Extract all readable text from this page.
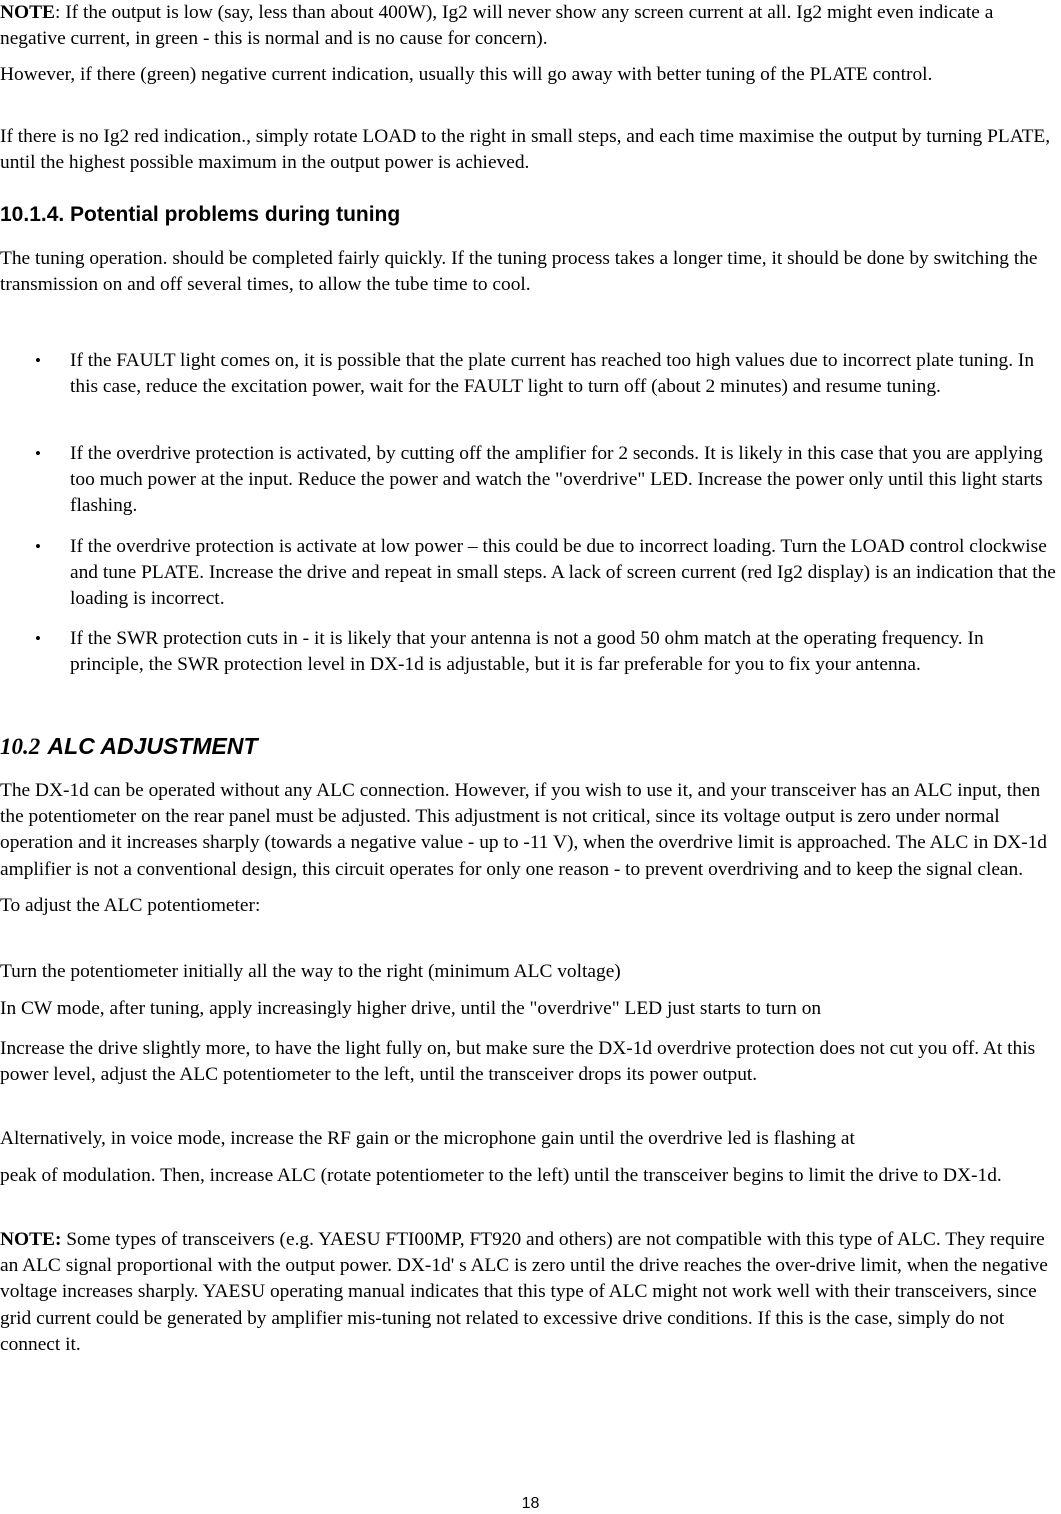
NOTE: If the output is low (say, less than about 400W), Ig2 will never show any screen current at all. Ig2 might even indicate a negative current, in green - this is normal and is no cause for concern).

However, if there (green) negative current indication, usually this will go away with better tuning of the PLATE control.

If there is no Ig2 red indication., simply rotate LOAD to the right in small steps, and each time maximise the output by turning PLATE, until the highest possible maximum in the output power is achieved.

10.1.4. Potential problems during tuning

The tuning operation. should be completed fairly quickly. If the tuning process takes a longer time, it should be done by switching the transmission on and off several times, to allow the tube time to cool.

• If the FAULT light comes on, it is possible that the plate current has reached too high values due to incorrect plate tuning. In this case, reduce the excitation power, wait for the FAULT light to turn off (about 2 minutes) and resume tuning.

• If the overdrive protection is activated, by cutting off the amplifier for 2 seconds. It is likely in this case that you are applying too much power at the input. Reduce the power and watch the "overdrive" LED. Increase the power only until this light starts flashing.

• If the overdrive protection is activate at low power – this could be due to incorrect loading. Turn the LOAD control clockwise and tune PLATE. Increase the drive and repeat in small steps. A lack of screen current (red Ig2 display) is an indication that the loading is incorrect.

• If the SWR protection cuts in - it is likely that your antenna is not a good 50 ohm match at the operating frequency. In principle, the SWR protection level in DX-1d is adjustable, but it is far preferable for you to fix your antenna.

10.2 ALC ADJUSTMENT

The DX-1d can be operated without any ALC connection. However, if you wish to use it, and your transceiver has an ALC input, then the potentiometer on the rear panel must be adjusted. This adjustment is not critical, since its voltage output is zero under normal operation and it increases sharply (towards a negative value - up to -11 V), when the overdrive limit is approached. The ALC in DX-1d amplifier is not a conventional design, this circuit operates for only one reason - to prevent overdriving and to keep the signal clean.

To adjust the ALC potentiometer:

Turn the potentiometer initially all the way to the right (minimum ALC voltage)

In CW mode, after tuning, apply increasingly higher drive, until the "overdrive" LED just starts to turn on

Increase the drive slightly more, to have the light fully on, but make sure the DX-1d overdrive protection does not cut you off. At this power level, adjust the ALC potentiometer to the left, until the transceiver drops its power output.

Alternatively, in voice mode, increase the RF gain or the microphone gain until the overdrive led is flashing at

peak of modulation. Then, increase ALC (rotate potentiometer to the left) until the transceiver begins to limit the drive to DX-1d.

NOTE: Some types of transceivers (e.g. YAESU FTI00MP, FT920 and others) are not compatible with this type of ALC. They require an ALC signal proportional with the output power. DX-1d' s ALC is zero until the drive reaches the over-drive limit, when the negative voltage increases sharply. YAESU operating manual indicates that this type of ALC might not work well with their transceivers, since grid current could be generated by amplifier mis-tuning not related to excessive drive conditions. If this is the case, simply do not connect it.

18
